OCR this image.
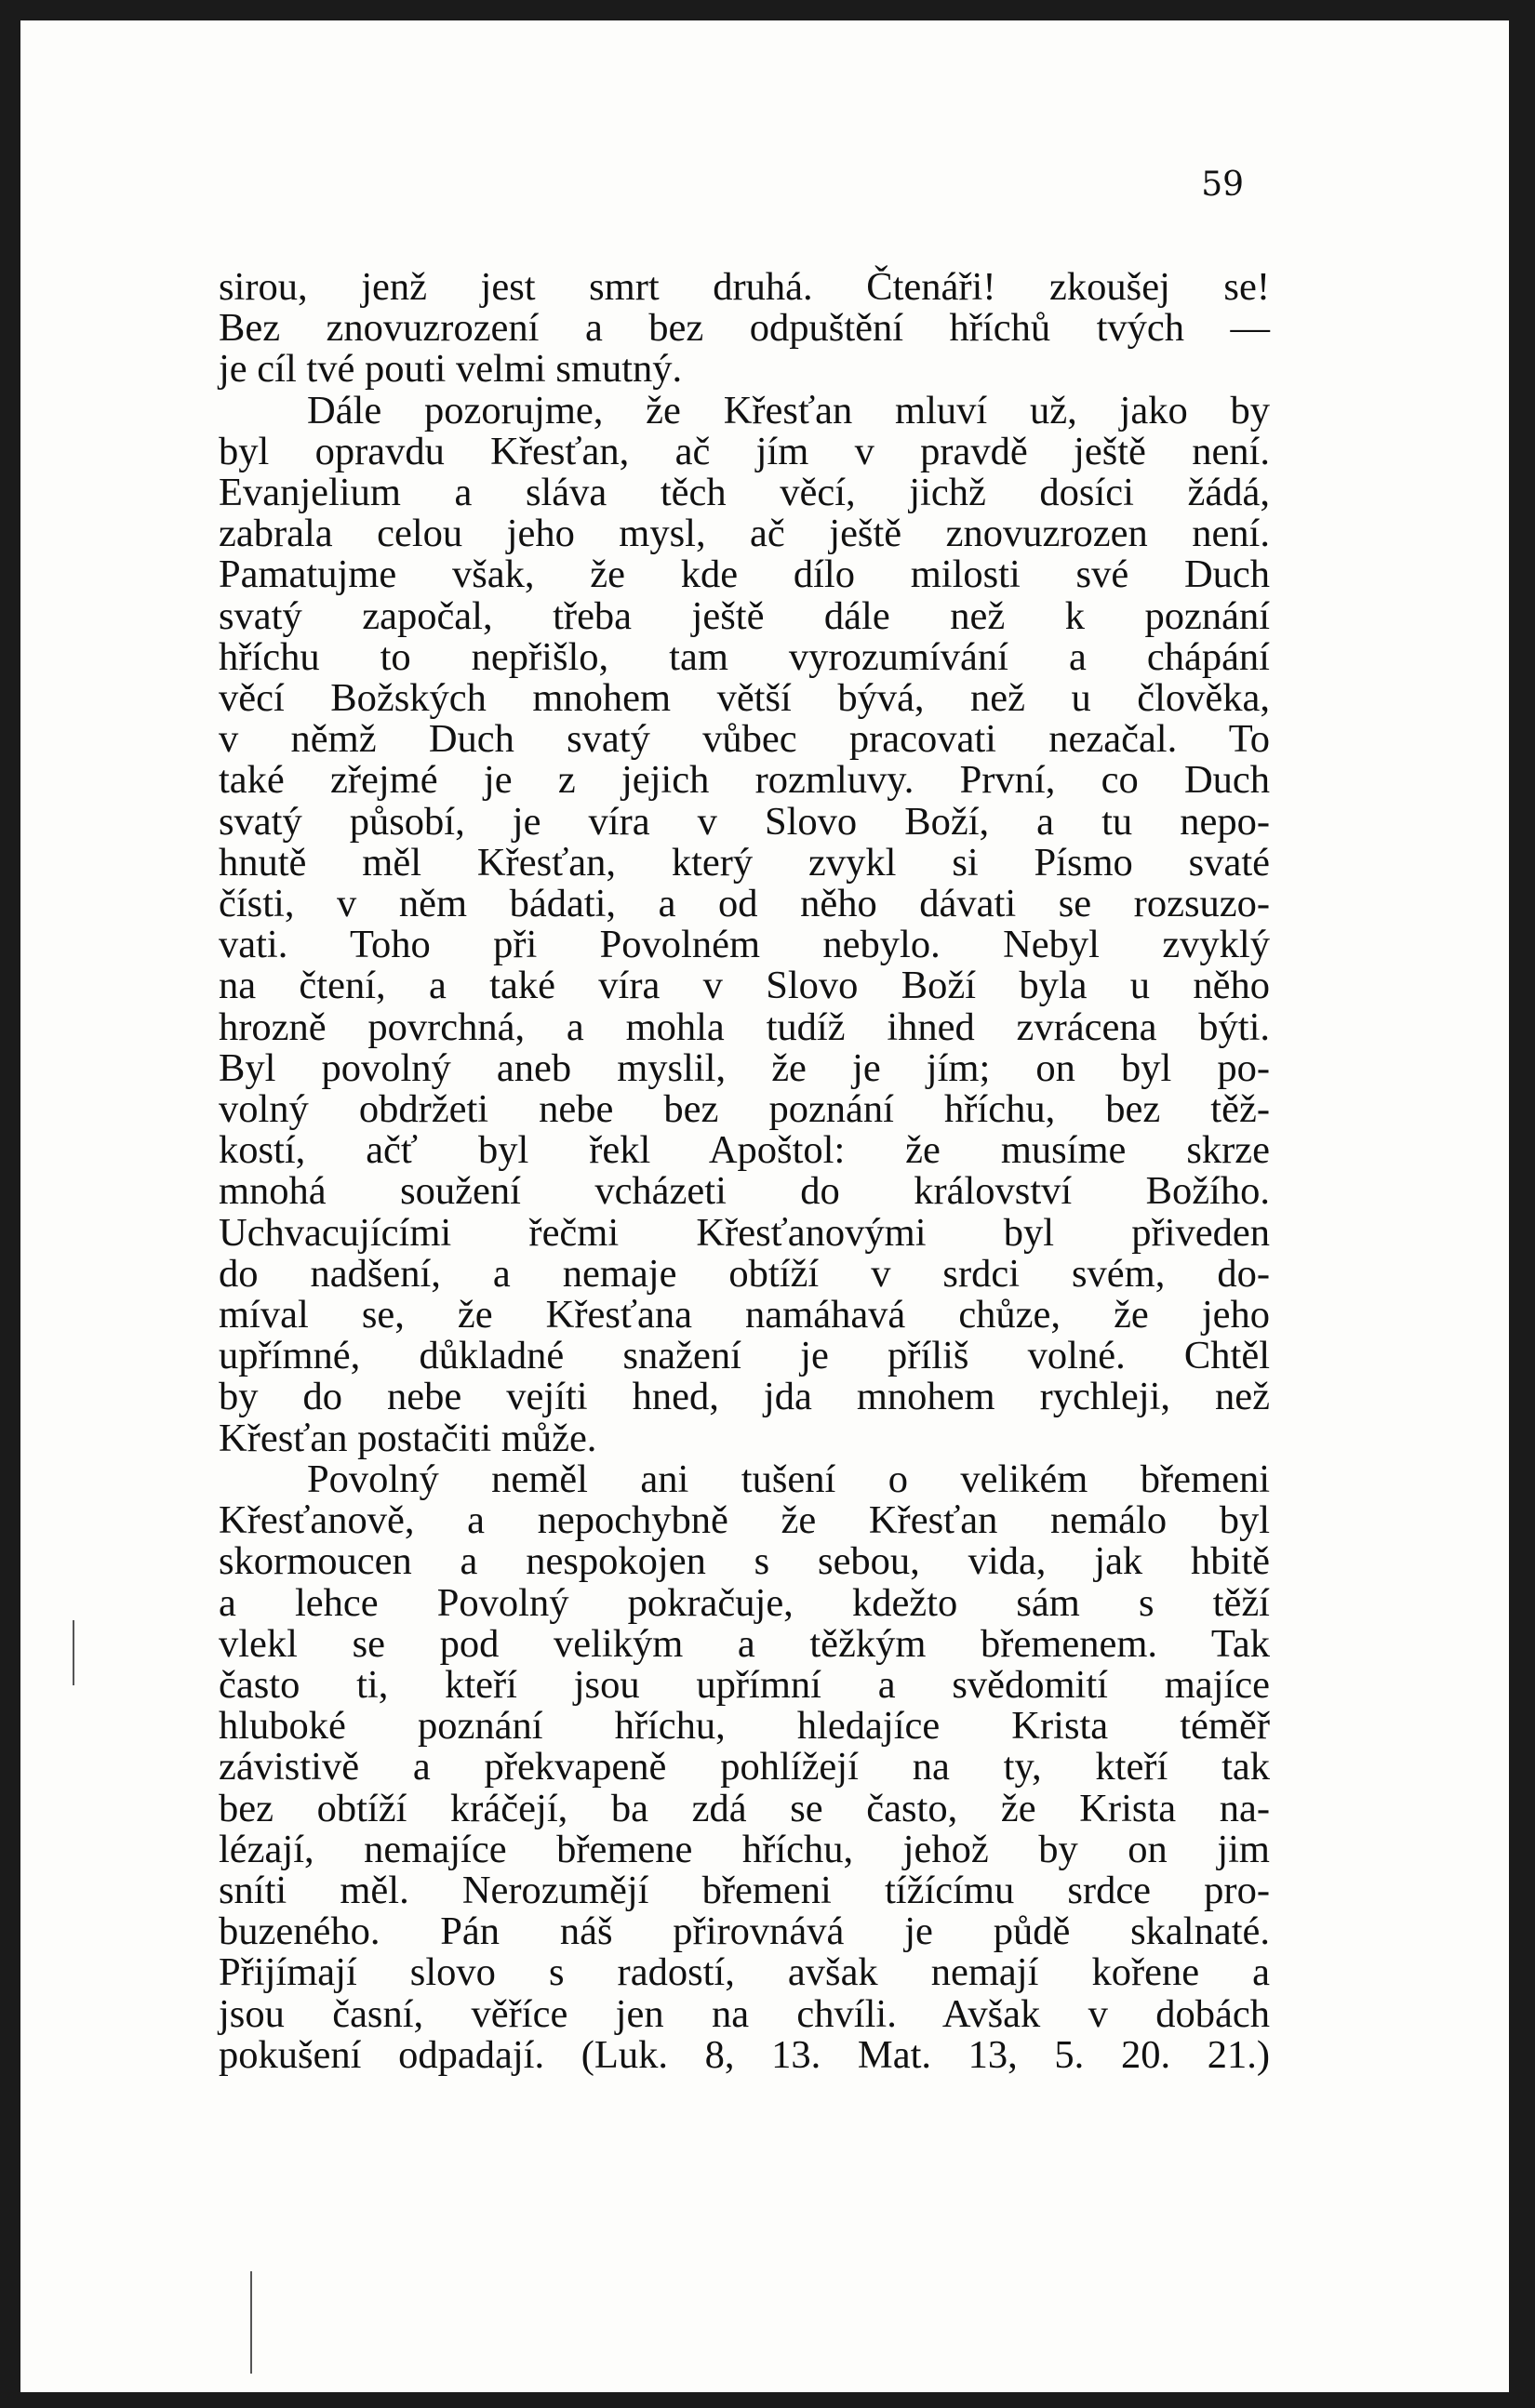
59

sirou, jenž jest smrt druhá. Čtenáři! zkoušej se!
Bez znovuzrození a bez odpuštění hříchů tvých —
je cíl tvé pouti velmi smutný.
Dále pozorujme, že Křesťan mluví už, jako by
byl opravdu Křesťan, ač jím v pravdě ještě není.
Evanjelium a sláva těch věcí, jichž dosíci žádá,
zabrala celou jeho mysl, ač ještě znovuzrozen není.
Pamatujme však, že kde dílo milosti své Duch
svatý započal, třeba ještě dále než k poznání
hříchu to nepřišlo, tam vyrozumívání a chápání
věcí Božských mnohem větší bývá, než u člověka,
v němž Duch svatý vůbec pracovati nezačal. To
také zřejmé je z jejich rozmluvy. První, co Duch
svatý působí, je víra v Slovo Boží, a tu nepo-
hnutě měl Křesťan, který zvykl si Písmo svaté
čísti, v něm bádati, a od něho dávati se rozsuzo-
vati. Toho při Povolném nebylo. Nebyl zvyklý
na čtení, a také víra v Slovo Boží byla u něho
hrozně povrchná, a mohla tudíž ihned zvrácena býti.
Byl povolný aneb myslil, že je jím; on byl po-
volný obdržeti nebe bez poznání hříchu, bez těž-
kostí, ačť byl řekl Apoštol: že musíme skrze
mnohá soužení vcházeti do království Božího.
Uchvacujícími řečmi Křesťanovými byl přiveden
do nadšení, a nemaje obtíží v srdci svém, do-
míval se, že Křesťana namáhavá chůze, že jeho
upřímné, důkladné snažení je příliš volné. Chtěl
by do nebe vejíti hned, jda mnohem rychleji, než
Křesťan postačiti může.
Povolný neměl ani tušení o velikém břemeni
Křesťanově, a nepochybně že Křesťan nemálo byl
skormoucen a nespokojen s sebou, vida, jak hbitě
a lehce Povolný pokračuje, kdežto sám s těží
vlekl se pod velikým a těžkým břemenem. Tak
často ti, kteří jsou upřímní a svědomití majíce
hluboké poznání hříchu, hledajíce Krista téměř
závistivě a překvapeně pohlížejí na ty, kteří tak
bez obtíží kráčejí, ba zdá se často, že Krista na-
lézají, nemajíce břemene hříchu, jehož by on jim
sníti měl. Nerozumějí břemeni tížícímu srdce pro-
buzeného. Pán náš přirovnává je půdě skalnaté.
Přijímají slovo s radostí, avšak nemají kořene a
jsou časní, věříce jen na chvíli. Avšak v dobách
pokušení odpadají. (Luk. 8, 13. Mat. 13, 5. 20. 21.)
